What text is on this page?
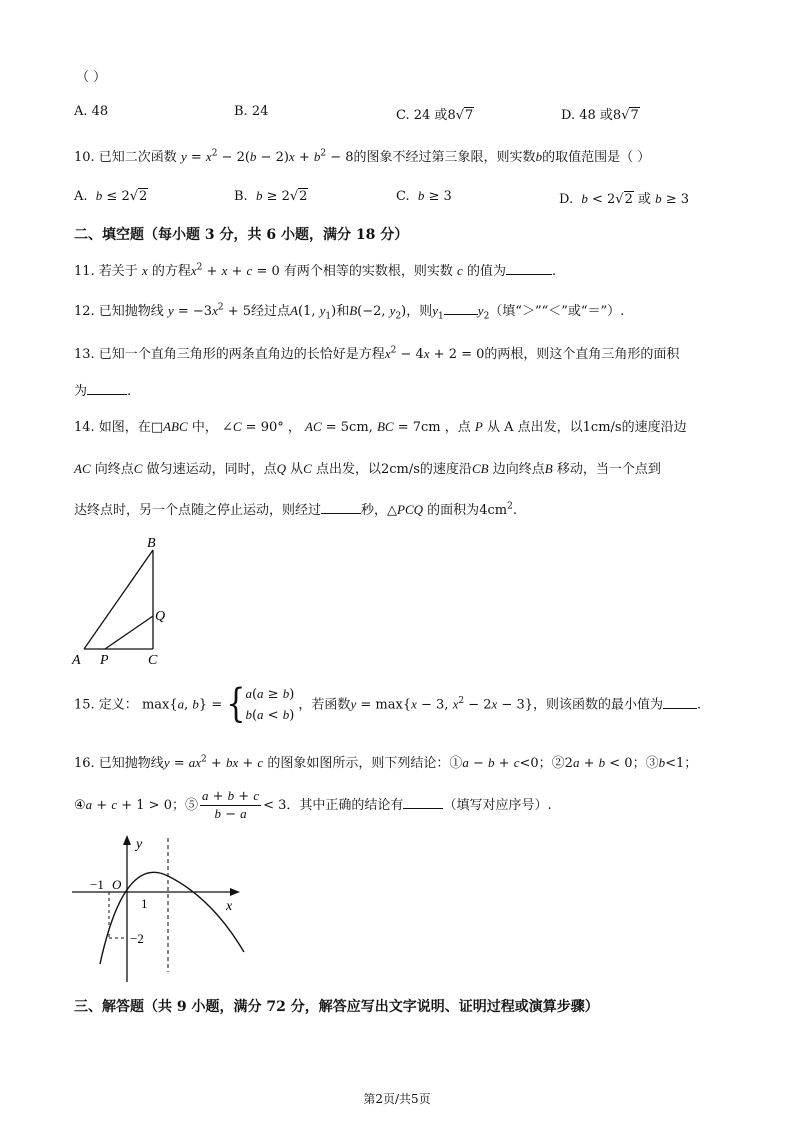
（ ）
A. 48	B. 24	C. 24 或8√7	D. 48 或8√7
10. 已知二次函数 $y = x^2 - 2(b - 2)x + b^2 - 8$的图象不经过第三象限，则实数b的取值范围是（ ）
A. b ≤ 2√2	B. b ≥ 2√2	C. b ≥ 3	D. b < 2√2 或 b ≥ 3
二、填空题（每小题 3 分，共 6 小题，满分 18 分）
11. 若关于 x 的方程$x^2 + x + c = 0$ 有两个相等的实数根，则实数 c 的值为	.
12. 已知抛物线 $y = -3x^2 + 5$经过点A(1, $y_1$)和B(−2, $y_2$)，则$y_1$	$y_2$（填“＞”“＜”或“＝”）.
13. 已知一个直角三角形的两条直角边的长恰好是方程$x^2 - 4x + 2 = 0$的两根，则这个直角三角形的面积
为	.
14. 如图，在□ABC 中， ∠C = 90° ， AC = 5cm, BC = 7cm ，点 P 从 A 点出发，以1cm/s的速度沿边
AC 向终点C 做匀速运动，同时，点Q 从C 点出发，以2cm/s的速度沿CB 边向终点B 移动，当一个点到
达终点时，另一个点随之停止运动，则经过	秒，△PCQ 的面积为$4cm^2$.
A P	C
Q
B
15. 定义： max{a, b} = {a(a ≥ b)
b(a < b) ，若函数y = max{x − 3, $x^2 - 2x - 3$}，则该函数的最小值为	.
16. 已知抛物线$y = ax^2$ + bx + c 的图象如图所示，则下列结论：①a − b + c<0；②2a + b < 0；③b<1；
④a + c + 1 > 0；⑤ $\frac{a + b + c}{b - a} < 3$．其中正确的结论有	（填写对应序号）.
y
x
O
−1
1
−2
三、解答题（共 9 小题，满分 72 分，解答应写出文字说明、证明过程或演算步骤）
第2页/共5页
